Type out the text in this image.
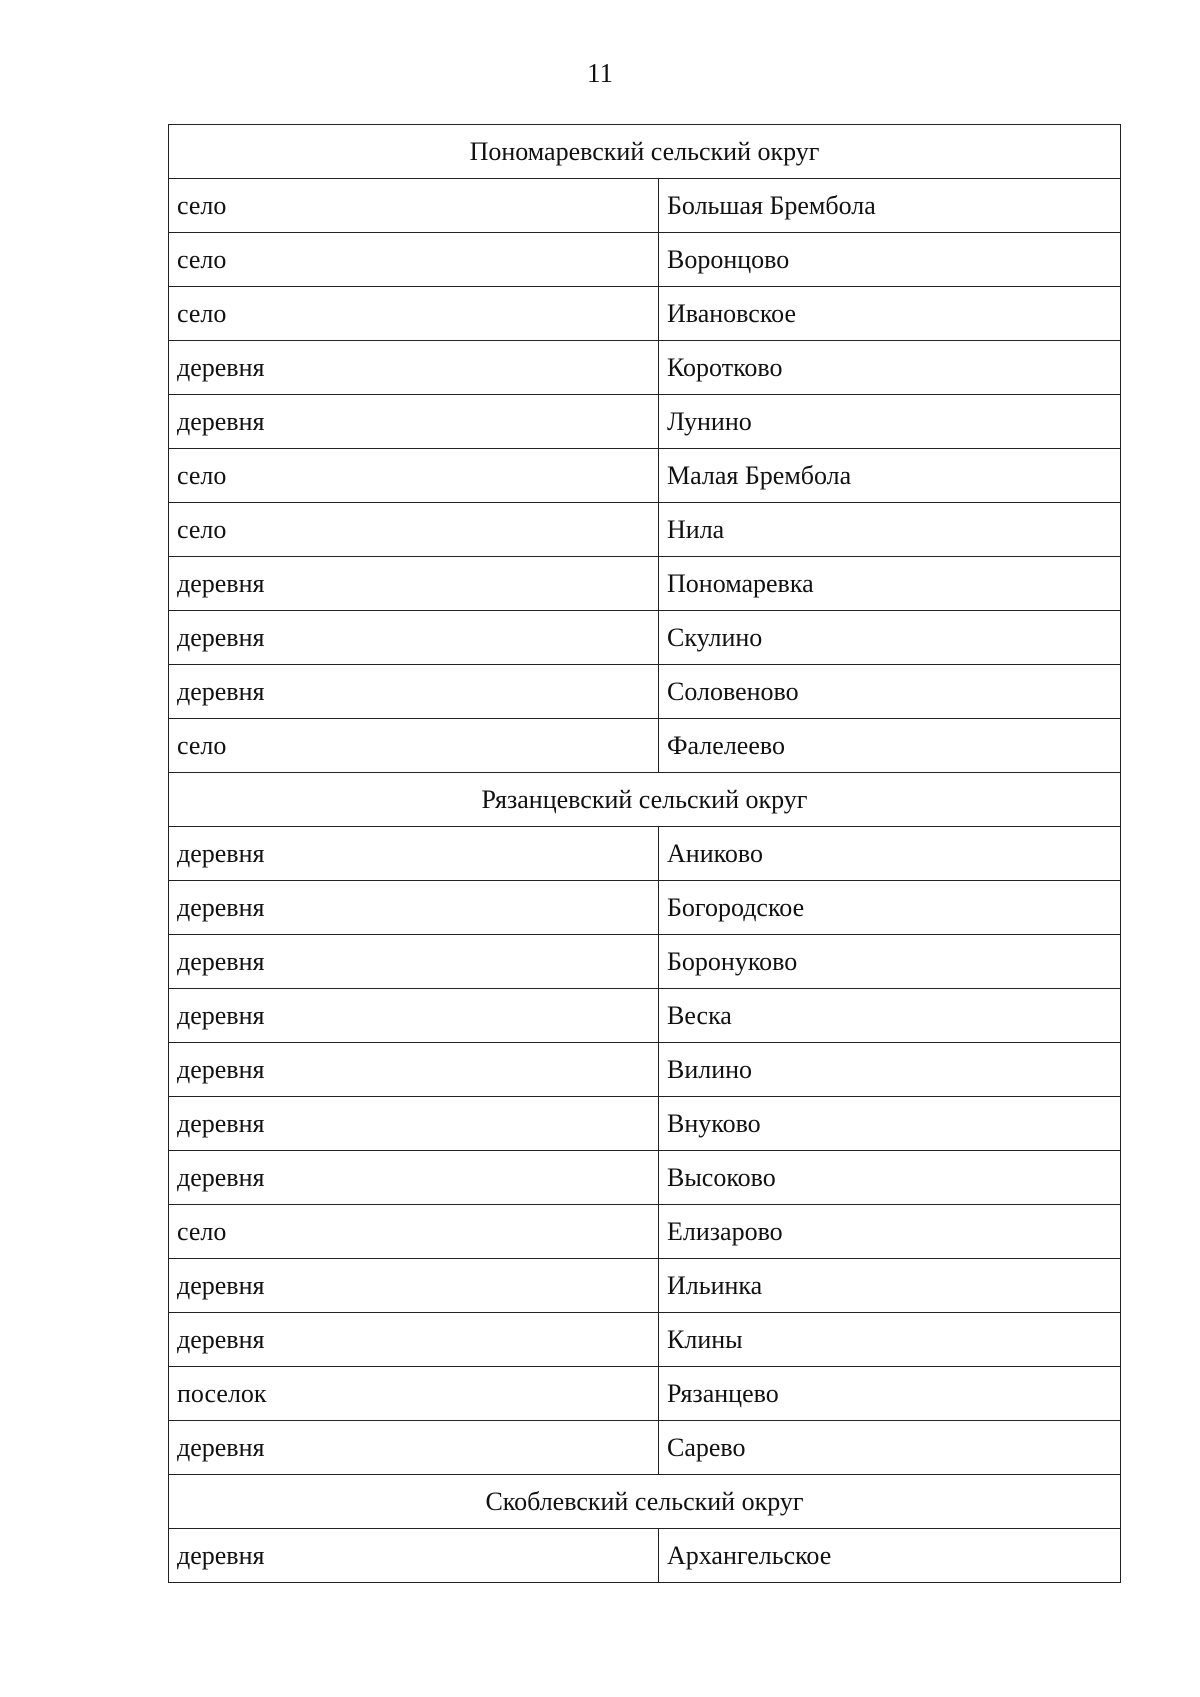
11
Пономаревский сельский округ	
село	Большая Брембола
село	Воронцово
село	Ивановское
деревня	Коротково
деревня	Лунино
село	Малая Брембола
село	Нила
деревня	Пономаревка
деревня	Скулино
деревня	Соловеново
село	Фалелеево
Рязанцевский сельский округ	
деревня	Аниково
деревня	Богородское
деревня	Боронуково
деревня	Веска
деревня	Вилино
деревня	Внуково
деревня	Высоково
село	Елизарово
деревня	Ильинка
деревня	Клины
поселок	Рязанцево
деревня	Сарево
Скоблевский сельский округ	
деревня	Архангельское
